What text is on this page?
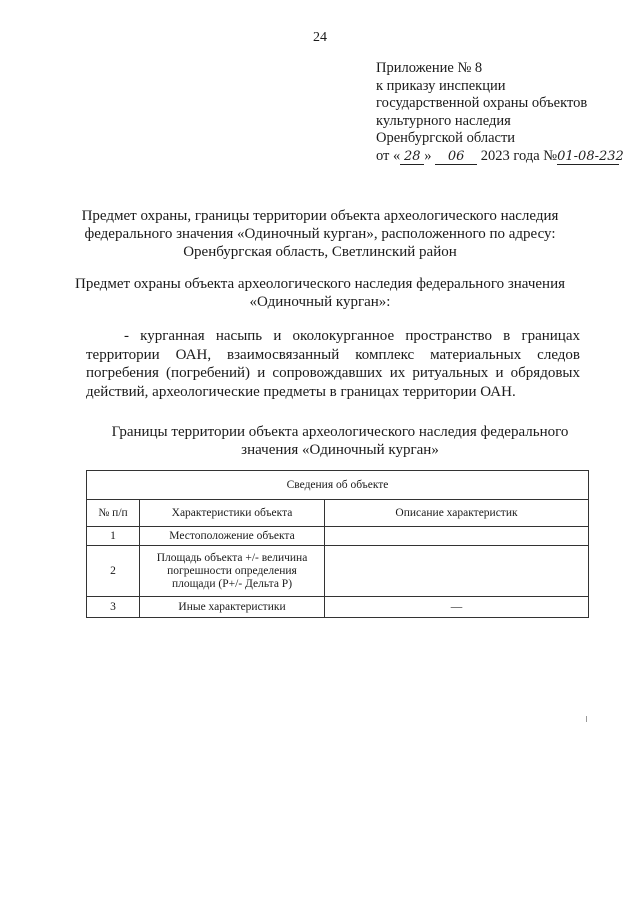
24
Приложение № 8
к приказу инспекции
государственной охраны объектов
культурного наследия
Оренбургской области
от « 28 » 06 2023 года №01-08-232
Предмет охраны, границы территории объекта археологического наследия
федерального значения «Одиночный курган», расположенного по адресу:
Оренбургская область, Светлинский район
Предмет охраны объекта археологического наследия федерального значения
«Одиночный курган»:
- курганная насыпь и околокурганное пространство в границах территории ОАН, взаимосвязанный комплекс материальных следов погребения (погребений) и сопровождавших их ритуальных и обрядовых действий, археологические предметы в границах территории ОАН.
Границы территории объекта археологического наследия федерального
значения «Одиночный курган»
Сведения об объекте		
№ п/п	Характеристики объекта	Описание характеристик
1	Местоположение объекта	
2	Площадь объекта +/- величина погрешности определения площади (Р+/- Дельта Р)	
3	Иные характеристики	—
